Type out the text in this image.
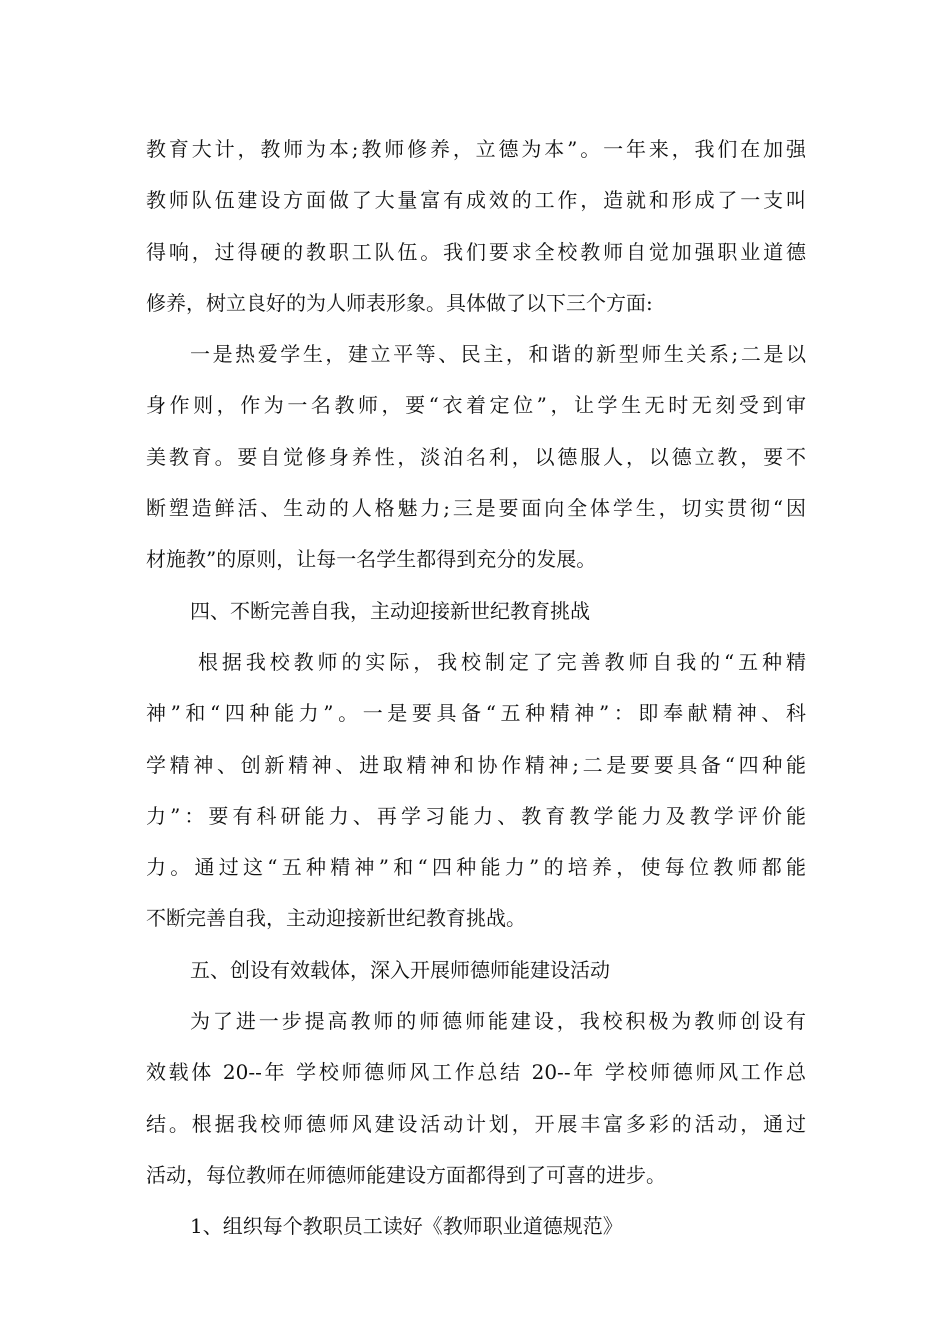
教育大计，教师为本;教师修养，立德为本”。一年来，我们在加强
教师队伍建设方面做了大量富有成效的工作，造就和形成了一支叫
得响，过得硬的教职工队伍。我们要求全校教师自觉加强职业道德
修养，树立良好的为人师表形象。具体做了以下三个方面:
一是热爱学生，建立平等、民主，和谐的新型师生关系;二是以
身作则，作为一名教师，要“衣着定位”，让学生无时无刻受到审
美教育。要自觉修身养性，淡泊名利，以德服人，以德立教，要不
断塑造鲜活、生动的人格魅力;三是要面向全体学生，切实贯彻“因
材施教”的原则，让每一名学生都得到充分的发展。
四、不断完善自我，主动迎接新世纪教育挑战
根据我校教师的实际，我校制定了完善教师自我的“五种精
神”和“四种能力”。一是要具备“五种精神”：即奉献精神、科
学精神、创新精神、进取精神和协作精神;二是要要具备“四种能
力”：要有科研能力、再学习能力、教育教学能力及教学评价能
力。通过这“五种精神”和“四种能力”的培养，使每位教师都能
不断完善自我，主动迎接新世纪教育挑战。
五、创设有效载体，深入开展师德师能建设活动
为了进一步提高教师的师德师能建设，我校积极为教师创设有
效载体 20--年 学校师德师风工作总结 20--年 学校师德师风工作总
结。根据我校师德师风建设活动计划，开展丰富多彩的活动，通过
活动，每位教师在师德师能建设方面都得到了可喜的进步。
1、组织每个教职员工读好《教师职业道德规范》
